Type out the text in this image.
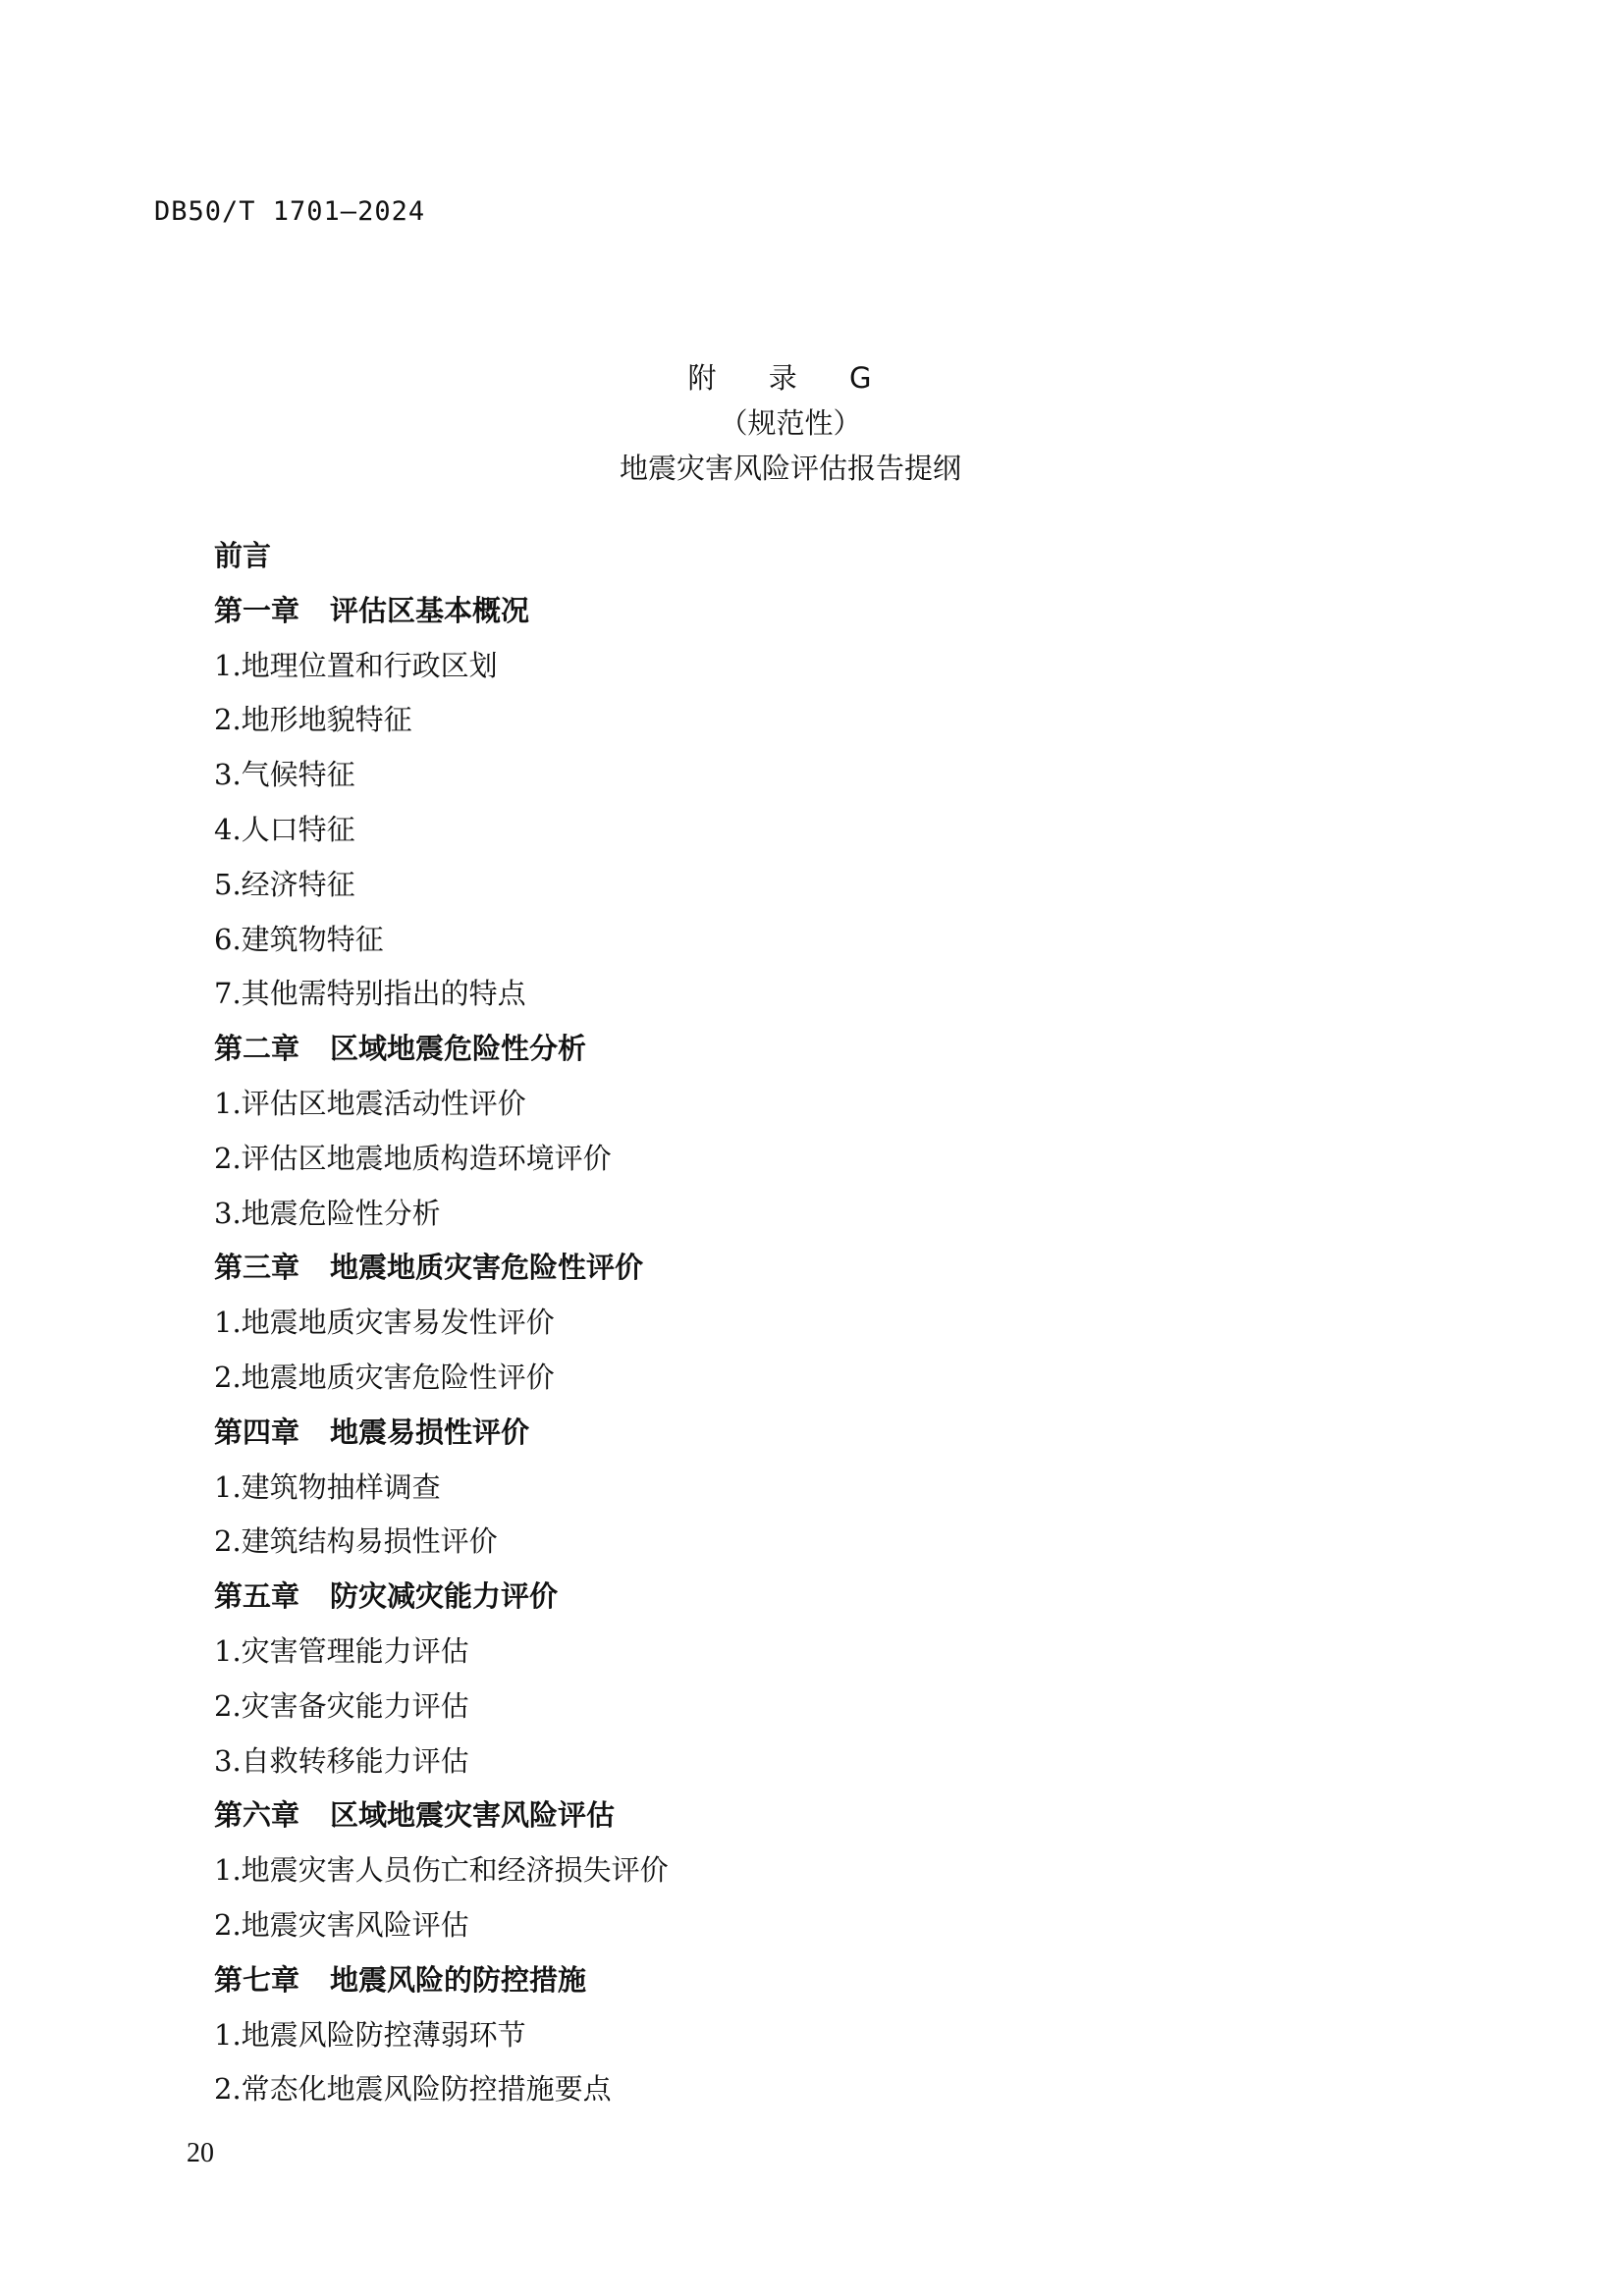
DB50/T 1701—2024
附 录 G
（规范性）
地震灾害风险评估报告提纲
前言
第一章 评估区基本概况
1.地理位置和行政区划
2.地形地貌特征
3.气候特征
4.人口特征
5.经济特征
6.建筑物特征
7.其他需特别指出的特点
第二章 区域地震危险性分析
1.评估区地震活动性评价
2.评估区地震地质构造环境评价
3.地震危险性分析
第三章 地震地质灾害危险性评价
1.地震地质灾害易发性评价
2.地震地质灾害危险性评价
第四章 地震易损性评价
1.建筑物抽样调查
2.建筑结构易损性评价
第五章 防灾减灾能力评价
1.灾害管理能力评估
2.灾害备灾能力评估
3.自救转移能力评估
第六章 区域地震灾害风险评估
1.地震灾害人员伤亡和经济损失评价
2.地震灾害风险评估
第七章 地震风险的防控措施
1.地震风险防控薄弱环节
2.常态化地震风险防控措施要点
20
